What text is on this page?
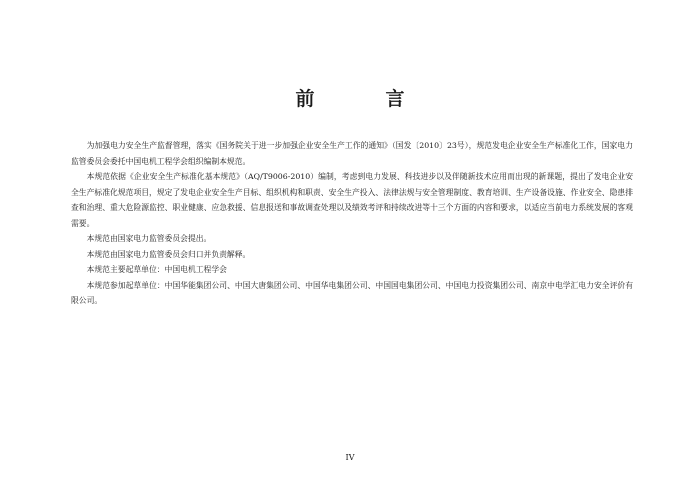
前　言

为加强电力安全生产监督管理，落实《国务院关于进一步加强企业安全生产工作的通知》（国发〔2010〕23号），规范发电企业安全生产标准化工作，国家电力监管委员会委托中国电机工程学会组织编制本规范。

本规范依据《企业安全生产标准化基本规范》（AQ/T9006-2010）编制，考虑到电力发展、科技进步以及伴随新技术应用而出现的新课题，提出了发电企业安全生产标准化规范项目，规定了发电企业安全生产目标、组织机构和职责、安全生产投入、法律法规与安全管理制度、教育培训、生产设备设施、作业安全、隐患排查和治理、重大危险源监控、职业健康、应急救援、信息报送和事故调查处理以及绩效考评和持续改进等十三个方面的内容和要求，以适应当前电力系统发展的客观需要。

本规范由国家电力监管委员会提出。

本规范由国家电力监管委员会归口并负责解释。

本规范主要起草单位：中国电机工程学会

本规范参加起草单位：中国华能集团公司、中国大唐集团公司、中国华电集团公司、中国国电集团公司、中国电力投资集团公司、南京中电学汇电力安全评价有限公司。

IV
